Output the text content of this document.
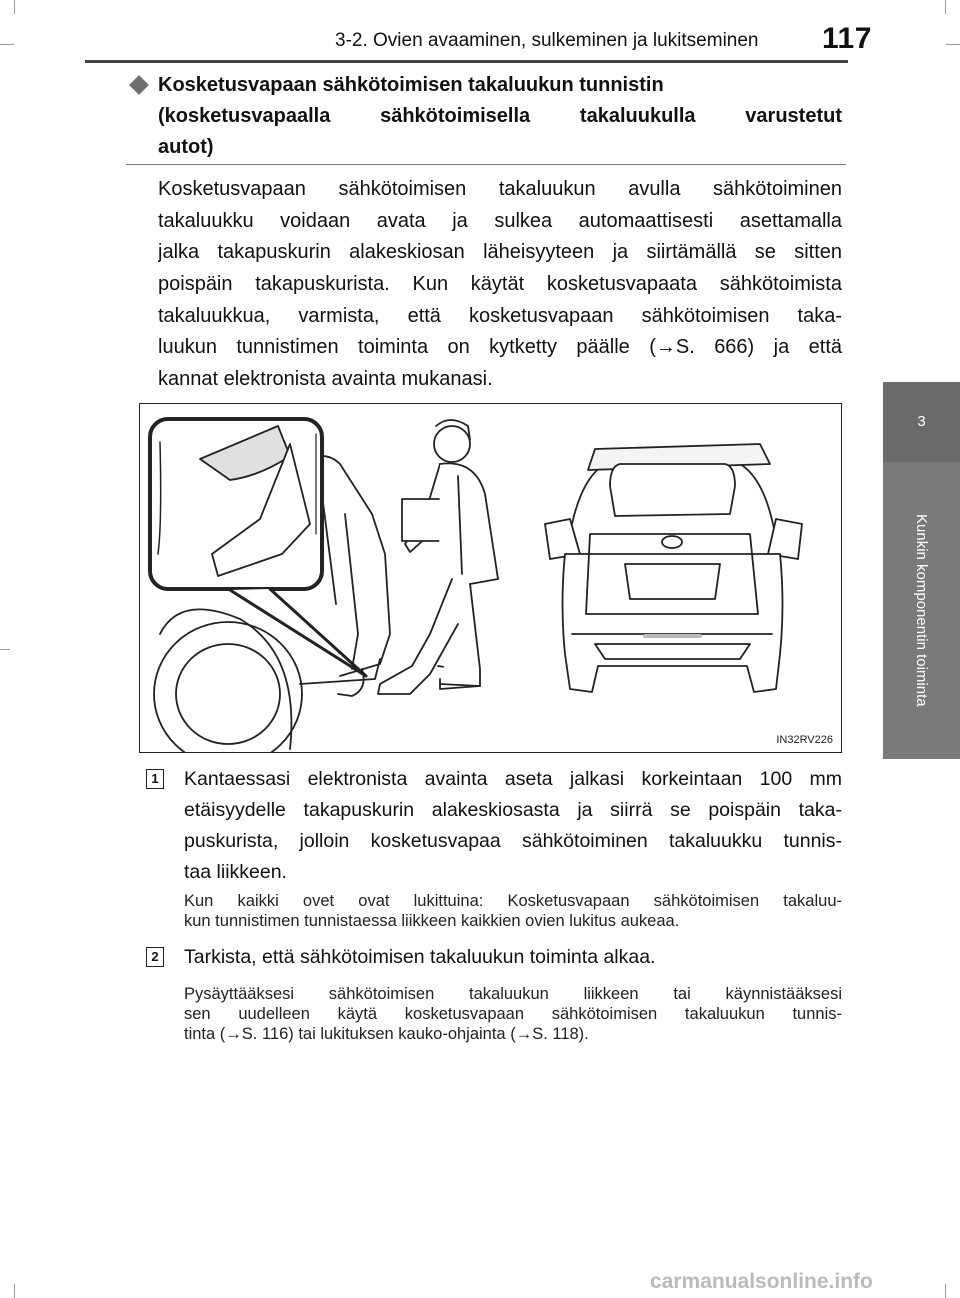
3-2. Ovien avaaminen, sulkeminen ja lukitseminen 117
3
Kunkin komponentin toiminta
Kosketusvapaan sähkötoimisen takaluukun tunnistin
(kosketusvapaalla sähkötoimisella takaluukulla varustetut
autot)
Kosketusvapaan sähkötoimisen takaluukun avulla sähkötoiminen
takaluukku voidaan avata ja sulkea automaattisesti asettamalla
jalka takapuskurin alakeskiosan läheisyyteen ja siirtämällä se sitten
poispäin takapuskurista. Kun käytät kosketusvapaata sähkötoimista
takaluukkua, varmista, että kosketusvapaan sähkötoimisen taka-
luukun tunnistimen toiminta on kytketty päälle (→S. 666) ja että
kannat elektronista avainta mukanasi.
IN32RV226
1 Kantaessasi elektronista avainta aseta jalkasi korkeintaan 100 mm
etäisyydelle takapuskurin alakeskiosasta ja siirrä se poispäin taka-
puskurista, jolloin kosketusvapaa sähkötoiminen takaluukku tunnis-
taa liikkeen.
Kun kaikki ovet ovat lukittuina: Kosketusvapaan sähkötoimisen takaluu-
kun tunnistimen tunnistaessa liikkeen kaikkien ovien lukitus aukeaa.
2 Tarkista, että sähkötoimisen takaluukun toiminta alkaa.
Pysäyttääksesi sähkötoimisen takaluukun liikkeen tai käynnistääksesi
sen uudelleen käytä kosketusvapaan sähkötoimisen takaluukun tunnis-
tinta (→S. 116) tai lukituksen kauko-ohjainta (→S. 118).
carmanualsonline.info
